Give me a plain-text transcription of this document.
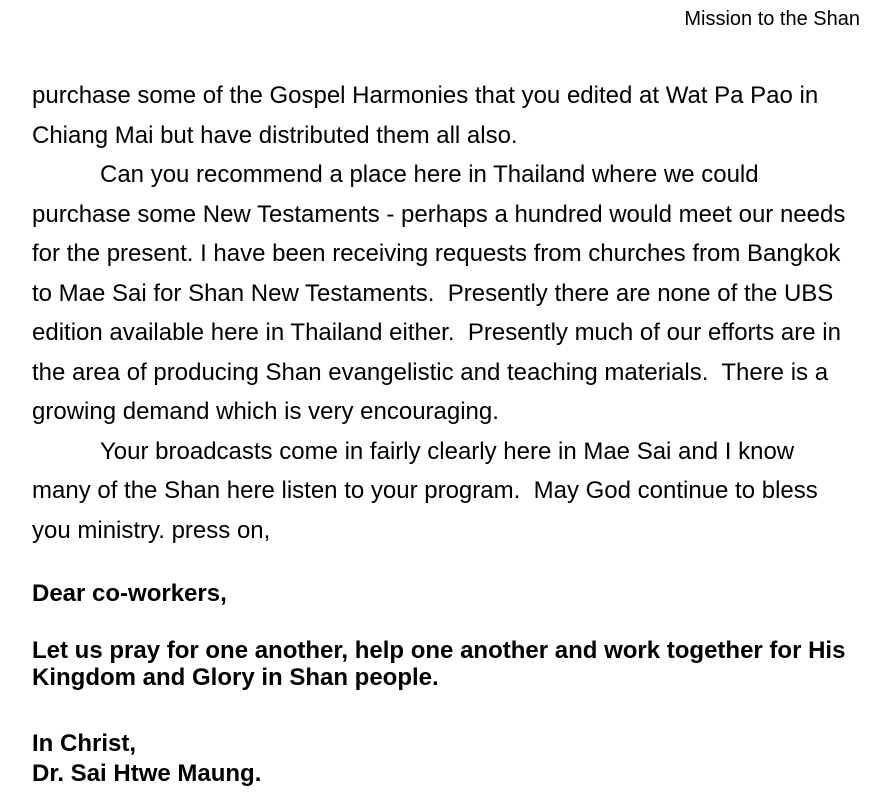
Mission to the Shan

purchase some of the Gospel Harmonies that you edited at Wat Pa Pao in Chiang Mai but have distributed them all also.

Can you recommend a place here in Thailand where we could purchase some New Testaments - perhaps a hundred would meet our needs for the present. I have been receiving requests from churches from Bangkok to Mae Sai for Shan New Testaments.  Presently there are none of the UBS edition available here in Thailand either.  Presently much of our efforts are in the area of producing Shan evangelistic and teaching materials.  There is a growing demand which is very encouraging.

Your broadcasts come in fairly clearly here in Mae Sai and I know many of the Shan here listen to your program.  May God continue to bless you ministry. press on,

Dear co-workers,

Let us pray for one another, help one another and work together for His Kingdom and Glory in Shan people.

In Christ,

Dr. Sai Htwe Maung.
